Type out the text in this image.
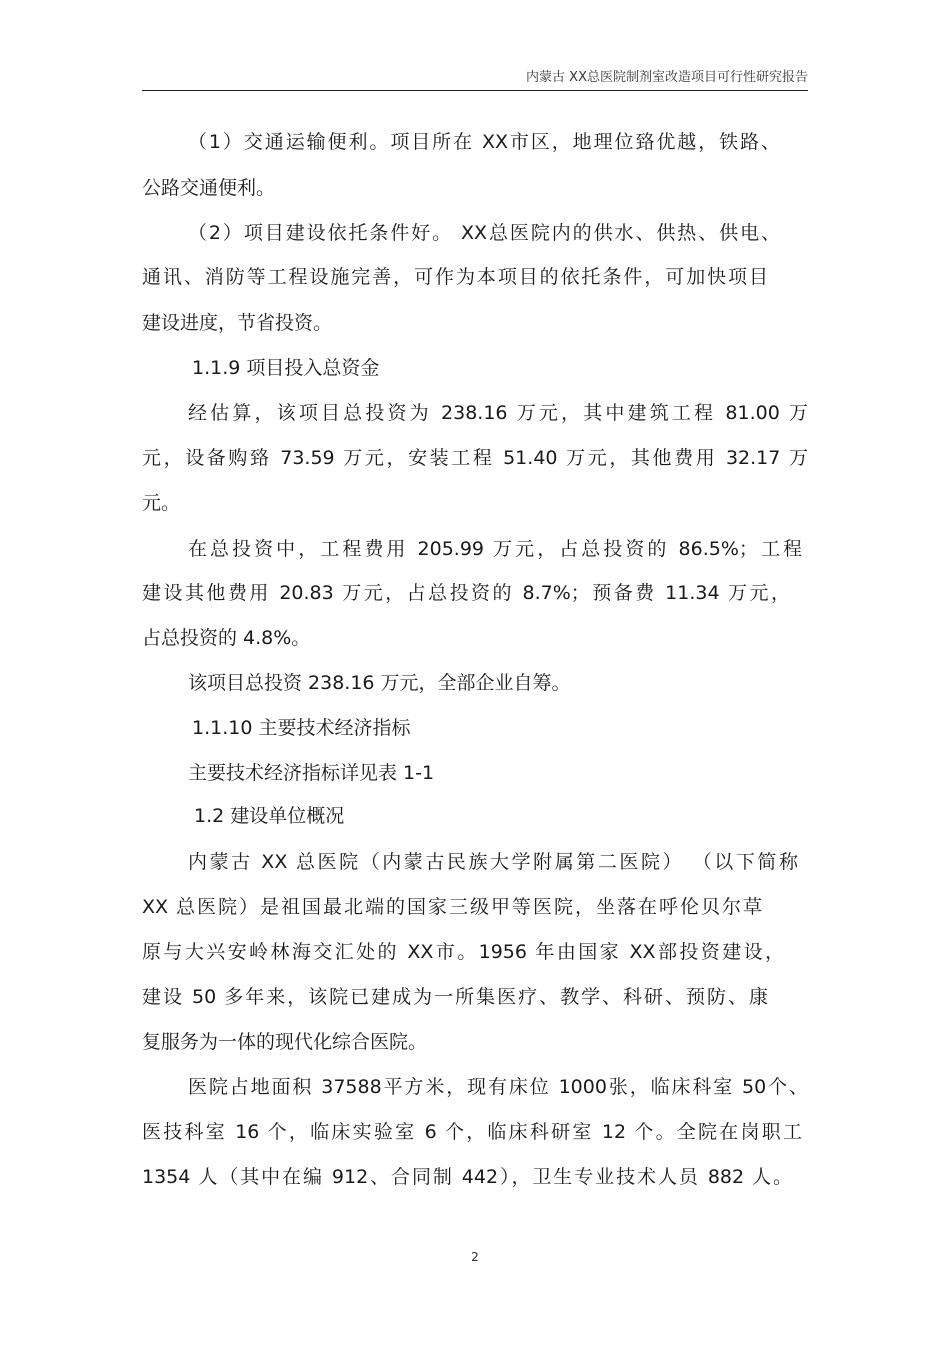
内蒙古 XX总医院制剂室改造项目可行性研究报告
（1）交通运输便利。项目所在 XX市区，地理位臵优越，铁路、
公路交通便利。
（2）项目建设依托条件好。 XX总医院内的供水、供热、供电、
通讯、消防等工程设施完善，可作为本项目的依托条件，可加快项目
建设进度，节省投资。
1.1.9 项目投入总资金
经估算，该项目总投资为 238.16 万元，其中建筑工程 81.00 万
元，设备购臵 73.59 万元，安装工程 51.40 万元，其他费用 32.17 万
元。
在总投资中，工程费用 205.99 万元，占总投资的 86.5%；工程
建设其他费用 20.83 万元，占总投资的 8.7%；预备费 11.34 万元，
占总投资的 4.8%。
该项目总投资 238.16 万元，全部企业自筹。
1.1.10 主要技术经济指标
主要技术经济指标详见表 1-1
1.2 建设单位概况
内蒙古 XX 总医院（内蒙古民族大学附属第二医院） （以下简称
XX 总医院）是祖国最北端的国家三级甲等医院，坐落在呼伦贝尔草
原与大兴安岭林海交汇处的 XX市。1956 年由国家 XX部投资建设，
建设 50 多年来，该院已建成为一所集医疗、教学、科研、预防、康
复服务为一体的现代化综合医院。
医院占地面积 37588平方米，现有床位 1000张，临床科室 50个、
医技科室 16 个，临床实验室 6 个，临床科研室 12 个。全院在岗职工
1354 人（其中在编 912、合同制 442），卫生专业技术人员 882 人。
2
